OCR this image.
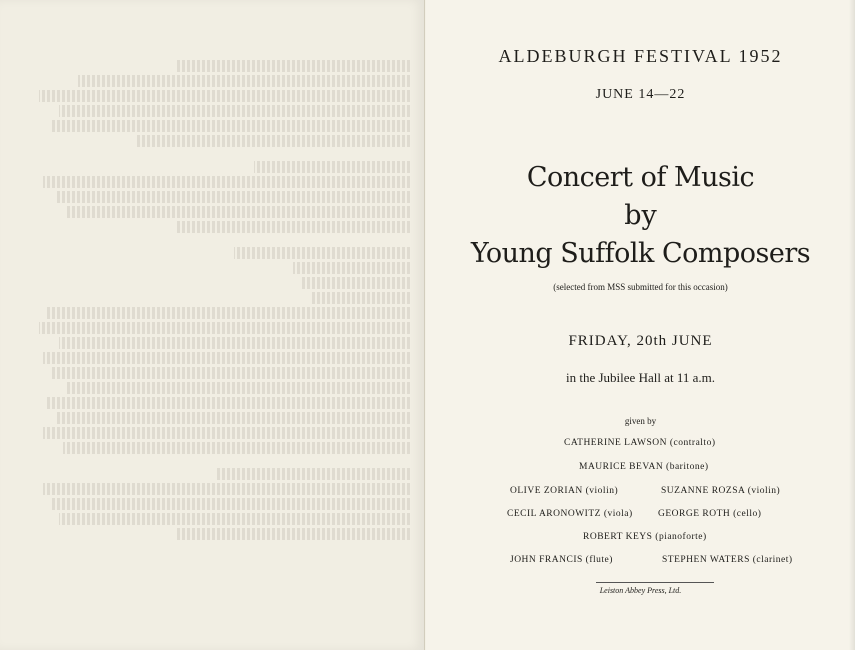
ALDEBURGH FESTIVAL 1952
JUNE 14—22
Concert of Music
by
Young Suffolk Composers
(selected from MSS submitted for this occasion)
FRIDAY, 20th JUNE
in the Jubilee Hall at 11 a.m.
given by
CATHERINE LAWSON (contralto)
MAURICE BEVAN (baritone)
OLIVE ZORIAN (violin)	SUZANNE ROZSA (violin)
CECIL ARONOWITZ (viola)	GEORGE ROTH (cello)
ROBERT KEYS (pianoforte)
JOHN FRANCIS (flute)	STEPHEN WATERS (clarinet)
Leiston Abbey Press, Ltd.
